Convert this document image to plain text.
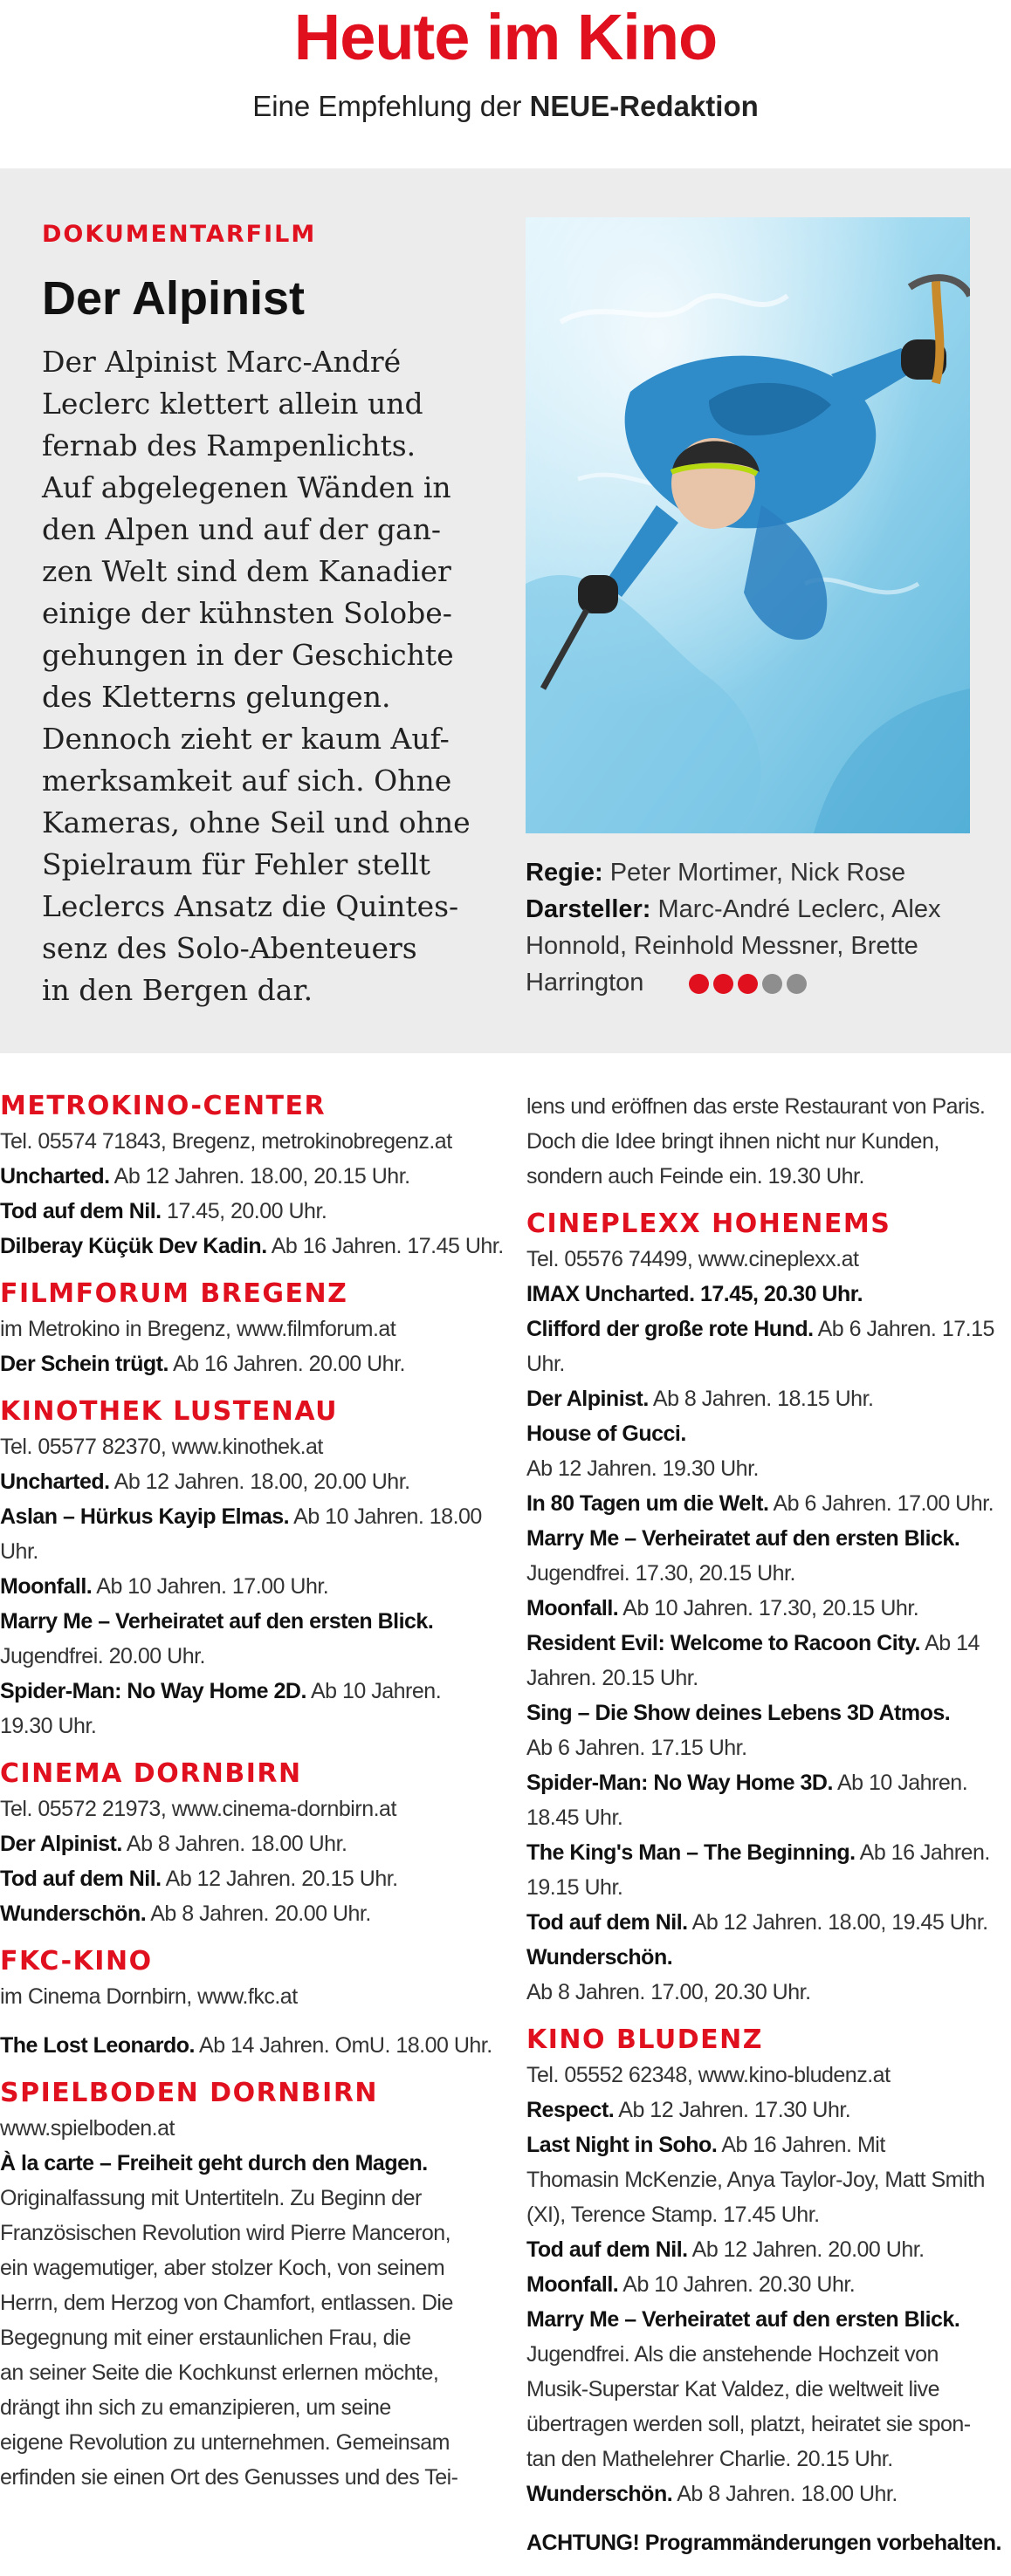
Heute im Kino
Eine Empfehlung der NEUE-Redaktion
DOKUMENTARFILM
Der Alpinist

Der Alpinist Marc-André
Leclerc klettert allein und
fernab des Rampenlichts.
Auf abgelegenen Wänden in
den Alpen und auf der gan-
zen Welt sind dem Kanadier
einige der kühnsten Solobe-
gehungen in der Geschichte
des Kletterns gelungen.
Dennoch zieht er kaum Auf-
merksamkeit auf sich. Ohne
Kameras, ohne Seil und ohne
Spielraum für Fehler stellt
Leclercs Ansatz die Quintes-
senz des Solo-Abenteuers
in den Bergen dar.

Regie: Peter Mortimer, Nick Rose
Darsteller: Marc-André Leclerc, Alex
Honnold, Reinhold Messner, Brette
Harrington
METROKINO-CENTER
Tel. 05574 71843, Bregenz, metrokinobregenz.at
Uncharted. Ab 12 Jahren. 18.00, 20.15 Uhr.
Tod auf dem Nil. 17.45, 20.00 Uhr.
Dilberay Küçük Dev Kadin. Ab 16 Jahren. 17.45 Uhr.
FILMFORUM BREGENZ
im Metrokino in Bregenz, www.filmforum.at
Der Schein trügt. Ab 16 Jahren. 20.00 Uhr.
KINOTHEK LUSTENAU
Tel. 05577 82370, www.kinothek.at
Uncharted. Ab 12 Jahren. 18.00, 20.00 Uhr.
Aslan – Hürkus Kayip Elmas. Ab 10 Jahren. 18.00
Uhr.
Moonfall. Ab 10 Jahren. 17.00 Uhr.
Marry Me – Verheiratet auf den ersten Blick.
Jugendfrei. 20.00 Uhr.
Spider-Man: No Way Home 2D. Ab 10 Jahren.
19.30 Uhr.
CINEMA DORNBIRN
Tel. 05572 21973, www.cinema-dornbirn.at
Der Alpinist. Ab 8 Jahren. 18.00 Uhr.
Tod auf dem Nil. Ab 12 Jahren. 20.15 Uhr.
Wunderschön. Ab 8 Jahren. 20.00 Uhr.
FKC-KINO
im Cinema Dornbirn, www.fkc.at
The Lost Leonardo. Ab 14 Jahren. OmU. 18.00 Uhr.
SPIELBODEN DORNBIRN
www.spielboden.at
À la carte – Freiheit geht durch den Magen.
Originalfassung mit Untertiteln. Zu Beginn der
Französischen Revolution wird Pierre Manceron,
ein wagemutiger, aber stolzer Koch, von seinem
Herrn, dem Herzog von Chamfort, entlassen. Die
Begegnung mit einer erstaunlichen Frau, die
an seiner Seite die Kochkunst erlernen möchte,
drängt ihn sich zu emanzipieren, um seine
eigene Revolution zu unternehmen. Gemeinsam
erfinden sie einen Ort des Genusses und des Tei-
lens und eröffnen das erste Restaurant von Paris.
Doch die Idee bringt ihnen nicht nur Kunden,
sondern auch Feinde ein. 19.30 Uhr.
CINEPLEXX HOHENEMS
Tel. 05576 74499, www.cineplexx.at
IMAX Uncharted. 17.45, 20.30 Uhr.
Clifford der große rote Hund. Ab 6 Jahren. 17.15
Uhr.
Der Alpinist. Ab 8 Jahren. 18.15 Uhr.
House of Gucci.
Ab 12 Jahren. 19.30 Uhr.
In 80 Tagen um die Welt. Ab 6 Jahren. 17.00 Uhr.
Marry Me – Verheiratet auf den ersten Blick.
Jugendfrei. 17.30, 20.15 Uhr.
Moonfall. Ab 10 Jahren. 17.30, 20.15 Uhr.
Resident Evil: Welcome to Racoon City. Ab 14
Jahren. 20.15 Uhr.
Sing – Die Show deines Lebens 3D Atmos.
Ab 6 Jahren. 17.15 Uhr.
Spider-Man: No Way Home 3D. Ab 10 Jahren.
18.45 Uhr.
The King's Man – The Beginning. Ab 16 Jahren.
19.15 Uhr.
Tod auf dem Nil. Ab 12 Jahren. 18.00, 19.45 Uhr.
Wunderschön.
Ab 8 Jahren. 17.00, 20.30 Uhr.
KINO BLUDENZ
Tel. 05552 62348, www.kino-bludenz.at
Respect. Ab 12 Jahren. 17.30 Uhr.
Last Night in Soho. Ab 16 Jahren. Mit
Thomasin McKenzie, Anya Taylor-Joy, Matt Smith
(XI), Terence Stamp. 17.45 Uhr.
Tod auf dem Nil. Ab 12 Jahren. 20.00 Uhr.
Moonfall. Ab 10 Jahren. 20.30 Uhr.
Marry Me – Verheiratet auf den ersten Blick.
Jugendfrei. Als die anstehende Hochzeit von
Musik-Superstar Kat Valdez, die weltweit live
übertragen werden soll, platzt, heiratet sie spon-
tan den Mathelehrer Charlie. 20.15 Uhr.
Wunderschön. Ab 8 Jahren. 18.00 Uhr.
ACHTUNG! Programmänderungen vorbehalten.
